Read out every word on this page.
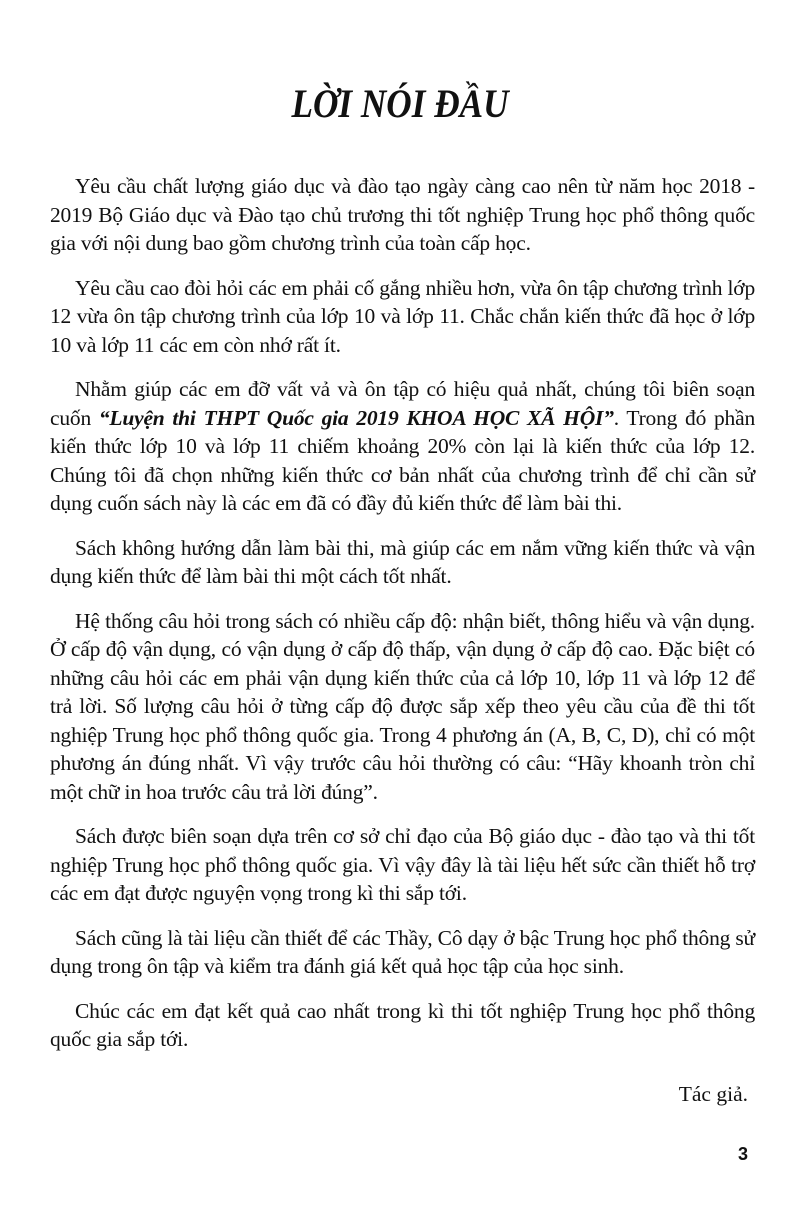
LỜI NÓI ĐẦU

Yêu cầu chất lượng giáo dục và đào tạo ngày càng cao nên từ năm học 2018 - 2019 Bộ Giáo dục và Đào tạo chủ trương thi tốt nghiệp Trung học phổ thông quốc gia với nội dung bao gồm chương trình của toàn cấp học.

Yêu cầu cao đòi hỏi các em phải cố gắng nhiều hơn, vừa ôn tập chương trình lớp 12 vừa ôn tập chương trình của lớp 10 và lớp 11. Chắc chắn kiến thức đã học ở lớp 10 và lớp 11 các em còn nhớ rất ít.

Nhằm giúp các em đỡ vất vả và ôn tập có hiệu quả nhất, chúng tôi biên soạn cuốn “Luyện thi THPT Quốc gia 2019 KHOA HỌC XÃ HỘI”. Trong đó phần kiến thức lớp 10 và lớp 11 chiếm khoảng 20% còn lại là kiến thức của lớp 12. Chúng tôi đã chọn những kiến thức cơ bản nhất của chương trình để chỉ cần sử dụng cuốn sách này là các em đã có đầy đủ kiến thức để làm bài thi.

Sách không hướng dẫn làm bài thi, mà giúp các em nắm vững kiến thức và vận dụng kiến thức để làm bài thi một cách tốt nhất.

Hệ thống câu hỏi trong sách có nhiều cấp độ: nhận biết, thông hiểu và vận dụng. Ở cấp độ vận dụng, có vận dụng ở cấp độ thấp, vận dụng ở cấp độ cao. Đặc biệt có những câu hỏi các em phải vận dụng kiến thức của cả lớp 10, lớp 11 và lớp 12 để trả lời. Số lượng câu hỏi ở từng cấp độ được sắp xếp theo yêu cầu của đề thi tốt nghiệp Trung học phổ thông quốc gia. Trong 4 phương án (A, B, C, D), chỉ có một phương án đúng nhất. Vì vậy trước câu hỏi thường có câu: “Hãy khoanh tròn chỉ một chữ in hoa trước câu trả lời đúng”.

Sách được biên soạn dựa trên cơ sở chỉ đạo của Bộ giáo dục - đào tạo và thi tốt nghiệp Trung học phổ thông quốc gia. Vì vậy đây là tài liệu hết sức cần thiết hỗ trợ các em đạt được nguyện vọng trong kì thi sắp tới.

Sách cũng là tài liệu cần thiết để các Thầy, Cô dạy ở bậc Trung học phổ thông sử dụng trong ôn tập và kiểm tra đánh giá kết quả học tập của học sinh.

Chúc các em đạt kết quả cao nhất trong kì thi tốt nghiệp Trung học phổ thông quốc gia sắp tới.

Tác giả.
3
